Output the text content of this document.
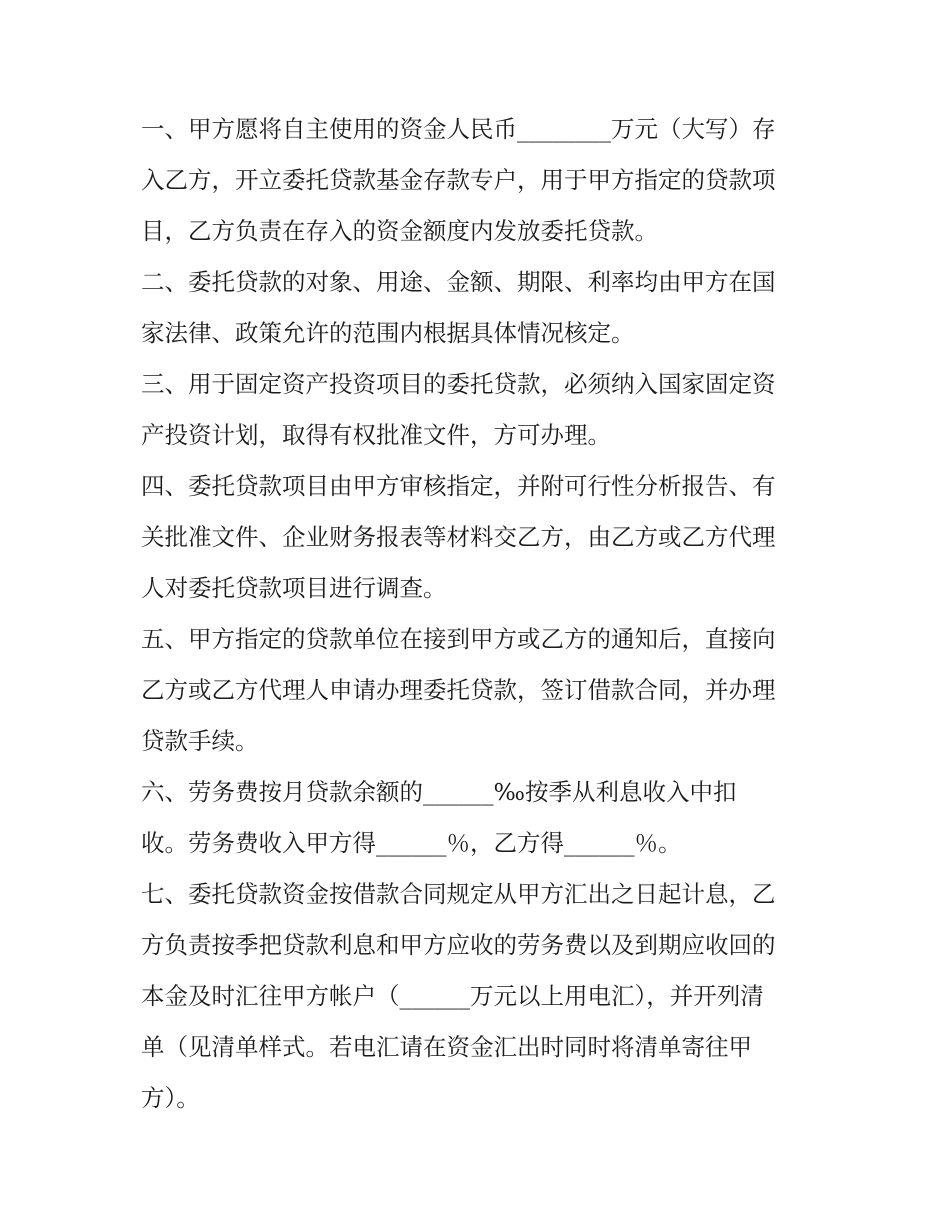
一、甲方愿将自主使用的资金人民币________万元（大写）存
入乙方，开立委托贷款基金存款专户，用于甲方指定的贷款项
目，乙方负责在存入的资金额度内发放委托贷款。

二、委托贷款的对象、用途、金额、期限、利率均由甲方在国
家法律、政策允许的范围内根据具体情况核定。

三、用于固定资产投资项目的委托贷款，必须纳入国家固定资
产投资计划，取得有权批准文件，方可办理。

四、委托贷款项目由甲方审核指定，并附可行性分析报告、有
关批准文件、企业财务报表等材料交乙方，由乙方或乙方代理
人对委托贷款项目进行调查。

五、甲方指定的贷款单位在接到甲方或乙方的通知后，直接向
乙方或乙方代理人申请办理委托贷款，签订借款合同，并办理
贷款手续。

六、劳务费按月贷款余额的______‰按季从利息收入中扣
收。劳务费收入甲方得______％，乙方得______％。

七、委托贷款资金按借款合同规定从甲方汇出之日起计息，乙
方负责按季把贷款利息和甲方应收的劳务费以及到期应收回的
本金及时汇往甲方帐户（______万元以上用电汇），并开列清
单（见清单样式。若电汇请在资金汇出时同时将清单寄往甲
方）。
